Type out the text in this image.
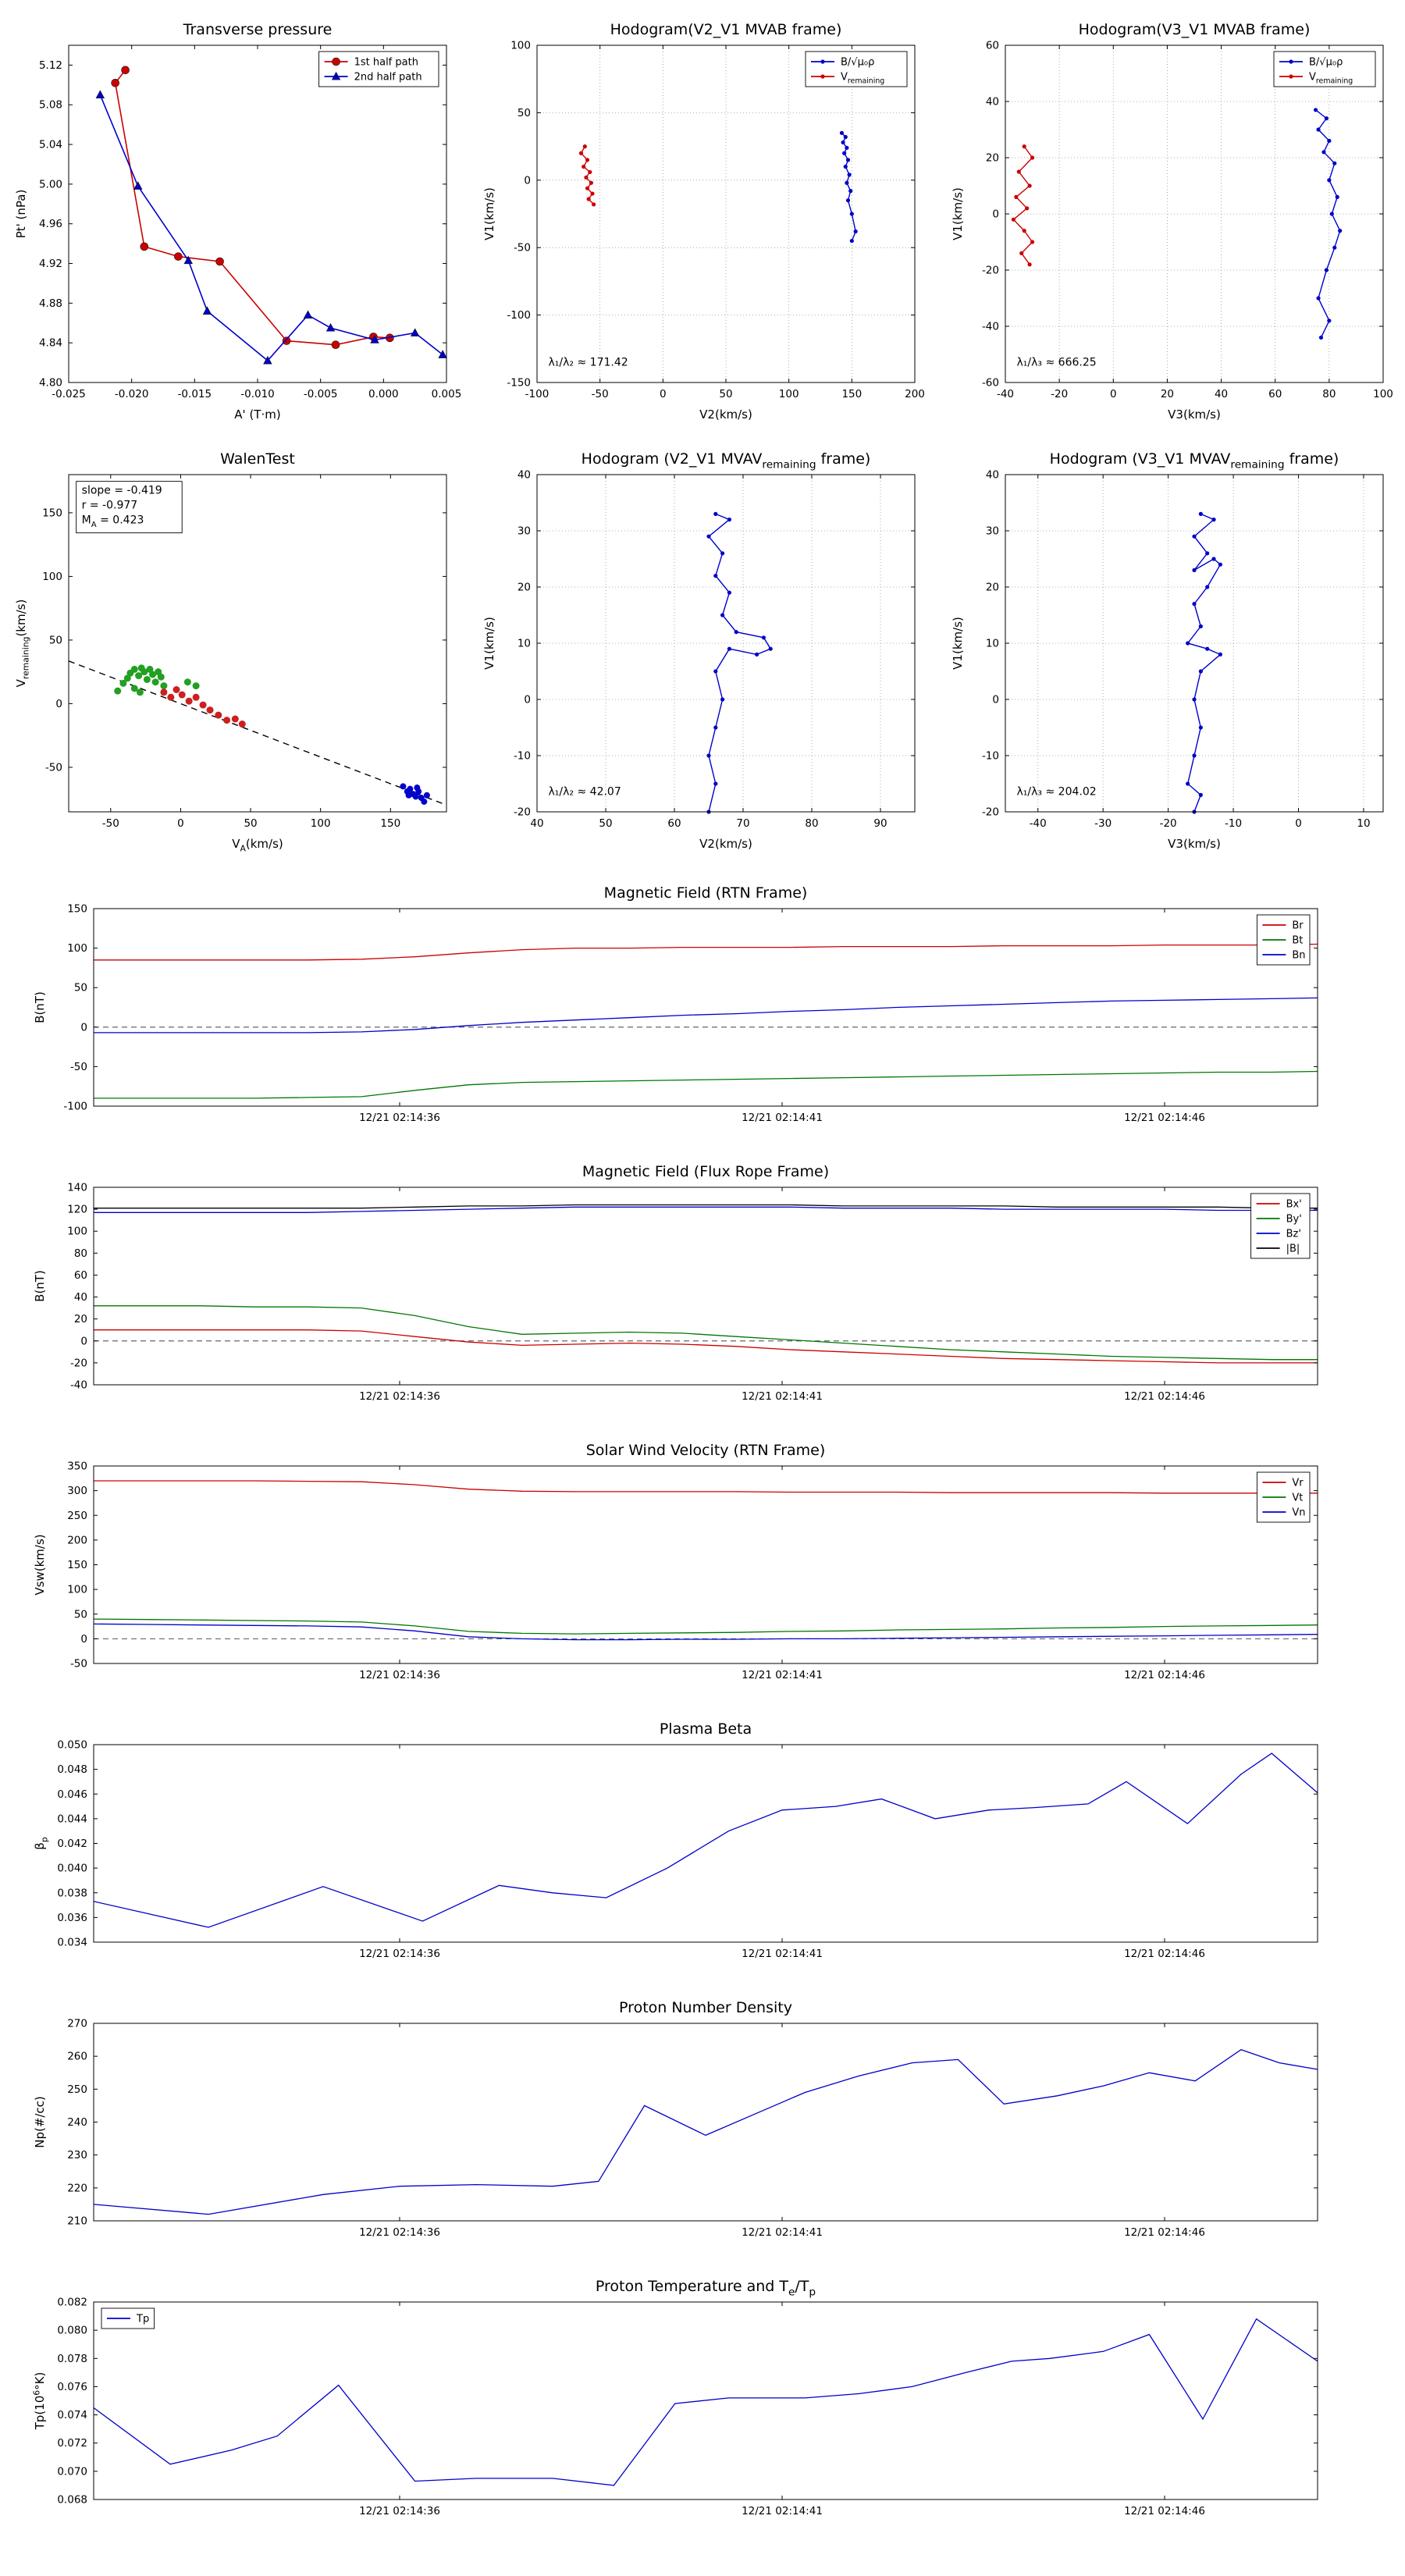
-0.025	-0.020	-0.015	-0.010	-0.005	0.000	0.005
4.80
4.84
4.88
4.92
4.96
5.00
5.04
5.08
5.12
Transverse pressure
A' (T·m)
Pt' (nPa)
1st half path
2nd half path
-100	-50	0	50	100	150	200
-150
-100
-50
0
50
100
Hodogram(V2_V1 MVAB frame)
V2(km/s)
V1(km/s)
B/√μ₀ρ
$V_{remaining}$
λ₁/λ₂ ≈ 171.42
-40	-20	0	20	40	60	80	100
-60
-40
-20
0
20
40
60
Hodogram(V3_V1 MVAB frame)
V3(km/s)
V1(km/s)
B/√μ₀ρ
$V_{remaining}$
λ₁/λ₃ ≈ 666.25
-50	0	50	100	150
-50
0
50
100
150
WalenTest
$V_A(km/s)$
$V_{remaining}(km/s)$
slope = -0.419
r = -0.977
$M_A = 0.423$
40	50	60	70	80	90
-20
-10
0
10
20
30
40
Hodogram (V2_V1 $MVAV_{remaining}$ frame)
V2(km/s)
V1(km/s)
λ₁/λ₂ ≈ 42.07
-40	-30	-20	-10	0	10
-20
-10
0
10
20
30
40
Hodogram (V3_V1 $MVAV_{remaining}$ frame)
V3(km/s)
V1(km/s)
λ₁/λ₃ ≈ 204.02
12/21 02:14:36	12/21 02:14:41	12/21 02:14:46
-100
-50
0
50
100
150
Magnetic Field (RTN Frame)
B(nT)
Br
Bt
Bn
12/21 02:14:36	12/21 02:14:41	12/21 02:14:46
-40
-20
0
20
40
60
80
100
120
140
Magnetic Field (Flux Rope Frame)
B(nT)
Bx'
By'
Bz'
|B|
12/21 02:14:36	12/21 02:14:41	12/21 02:14:46
-50
0
50
100
150
200
250
300
350
Solar Wind Velocity (RTN Frame)
Vsw(km/s)
Vr
Vt
Vn
12/21 02:14:36	12/21 02:14:41	12/21 02:14:46
0.034
0.036
0.038
0.040
0.042
0.044
0.046
0.048
0.050
Plasma Beta
$\beta_p$
12/21 02:14:36	12/21 02:14:41	12/21 02:14:46
210
220
230
240
250
260
270
Proton Number Density
Np(#/cc)
12/21 02:14:36	12/21 02:14:41	12/21 02:14:46
0.068
0.070
0.072
0.074
0.076
0.078
0.080
0.082
Proton Temperature and $T_e/T_p$
$Tp(10^6^\circ K)$
Tp
